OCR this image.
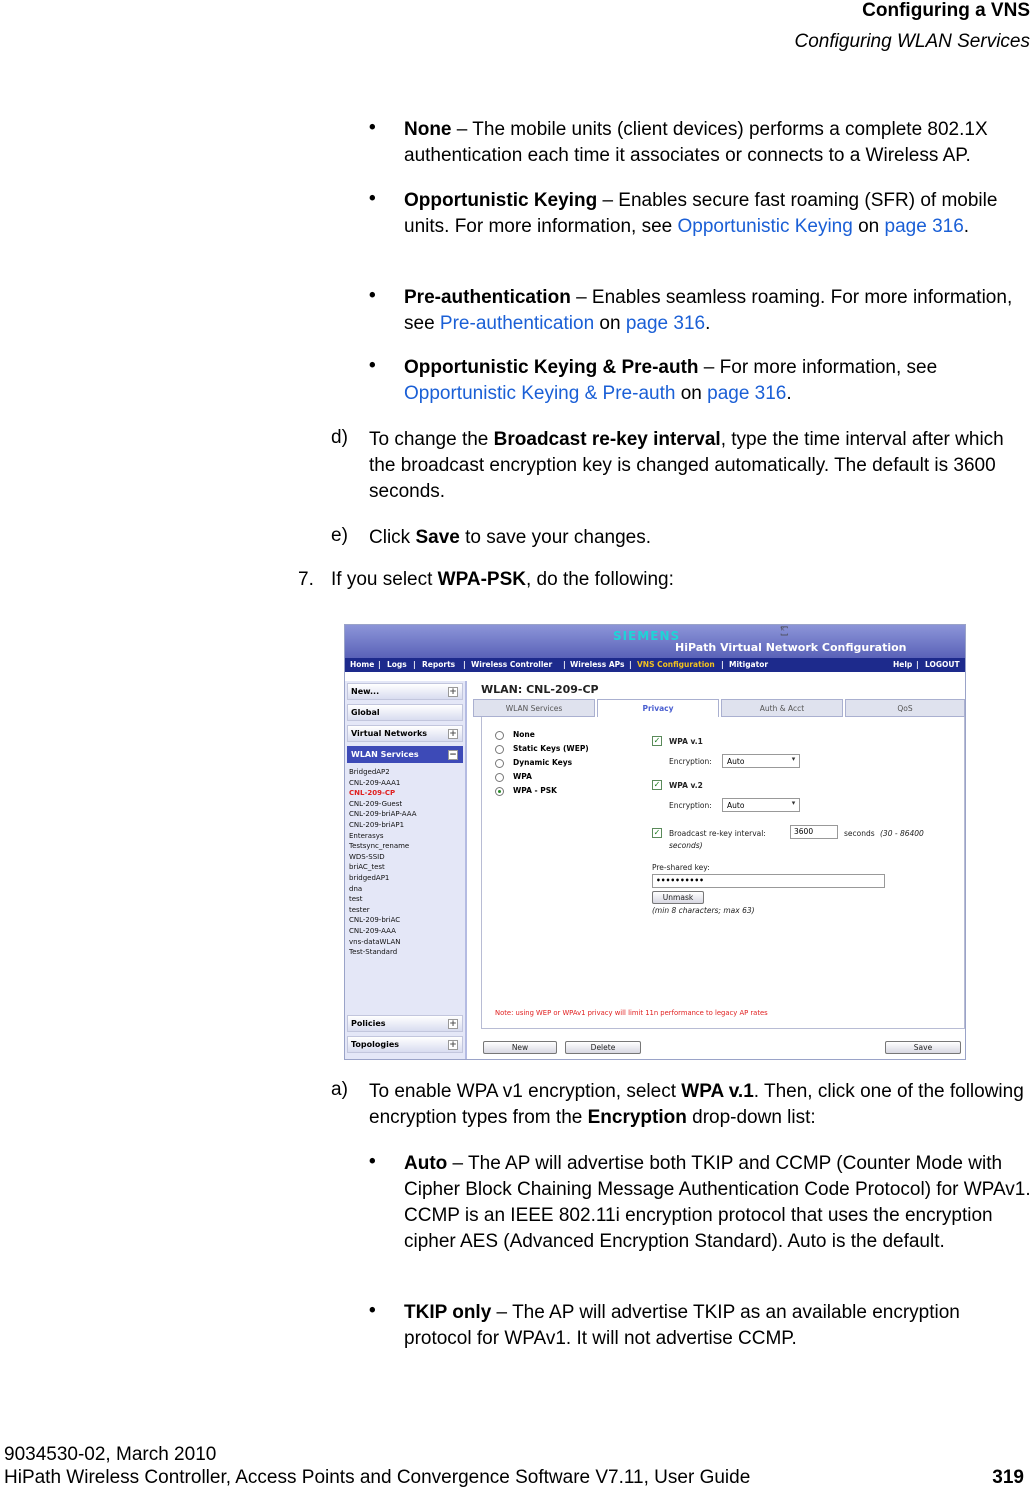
Configuring a VNS
Configuring WLAN Services
• None – The mobile units (client devices) performs a complete 802.1X authentication each time it associates or connects to a Wireless AP.
• Opportunistic Keying – Enables secure fast roaming (SFR) of mobile units. For more information, see Opportunistic Keying on page 316.
• Pre-authentication – Enables seamless roaming. For more information, see Pre-authentication on page 316.
• Opportunistic Keying & Pre-auth – For more information, see Opportunistic Keying & Pre-auth on page 316.
d) To change the Broadcast re-key interval, type the time interval after which the broadcast encryption key is changed automatically. The default is 3600 seconds.
e) Click Save to save your changes.
7. If you select WPA-PSK, do the following:
SIEMENS
HiPath Virtual Network Configuration
ᴷ꙱
Home | Logs | Reports | Wireless Controller | Wireless APs | VNS Configuration | Mitigator	Help | LOGOUT
New...	+
Global
Virtual Networks +
WLAN Services	−
BridgedAP2
CNL-209-AAA1
CNL-209-CP
CNL-209-Guest
CNL-209-briAP-AAA
CNL-209-briAP1
Enterasys
Testsync_rename
WDS-SSID
briAC_test
bridgedAP1
dna
test
tester
CNL-209-briAC
CNL-209-AAA
vns-dataWLAN
Test-Standard
Policies	+
Topologies	+
WLAN: CNL-209-CP
WLAN Services	Privacy	Auth & Acct	QoS
None
Static Keys (WEP)
Dynamic Keys
WPA
WPA - PSK
✓ WPA v.1
Encryption:	Auto	▾
✓ WPA v.2
Encryption:	Auto	▾
✓ Broadcast re-key interval:	3600	seconds (30 - 86400
seconds)
Pre-shared key:
••••••••••
Unmask
(min 8 characters; max 63)
Note: using WEP or WPAv1 privacy will limit 11n performance to legacy AP rates
New	Delete	Save
a) To enable WPA v1 encryption, select WPA v.1. Then, click one of the following encryption types from the Encryption drop-down list:
• Auto – The AP will advertise both TKIP and CCMP (Counter Mode with Cipher Block Chaining Message Authentication Code Protocol) for WPAv1. CCMP is an IEEE 802.11i encryption protocol that uses the encryption cipher AES (Advanced Encryption Standard). Auto is the default.
• TKIP only – The AP will advertise TKIP as an available encryption protocol for WPAv1. It will not advertise CCMP.
9034530-02, March 2010
HiPath Wireless Controller, Access Points and Convergence Software V7.11, User Guide	319
